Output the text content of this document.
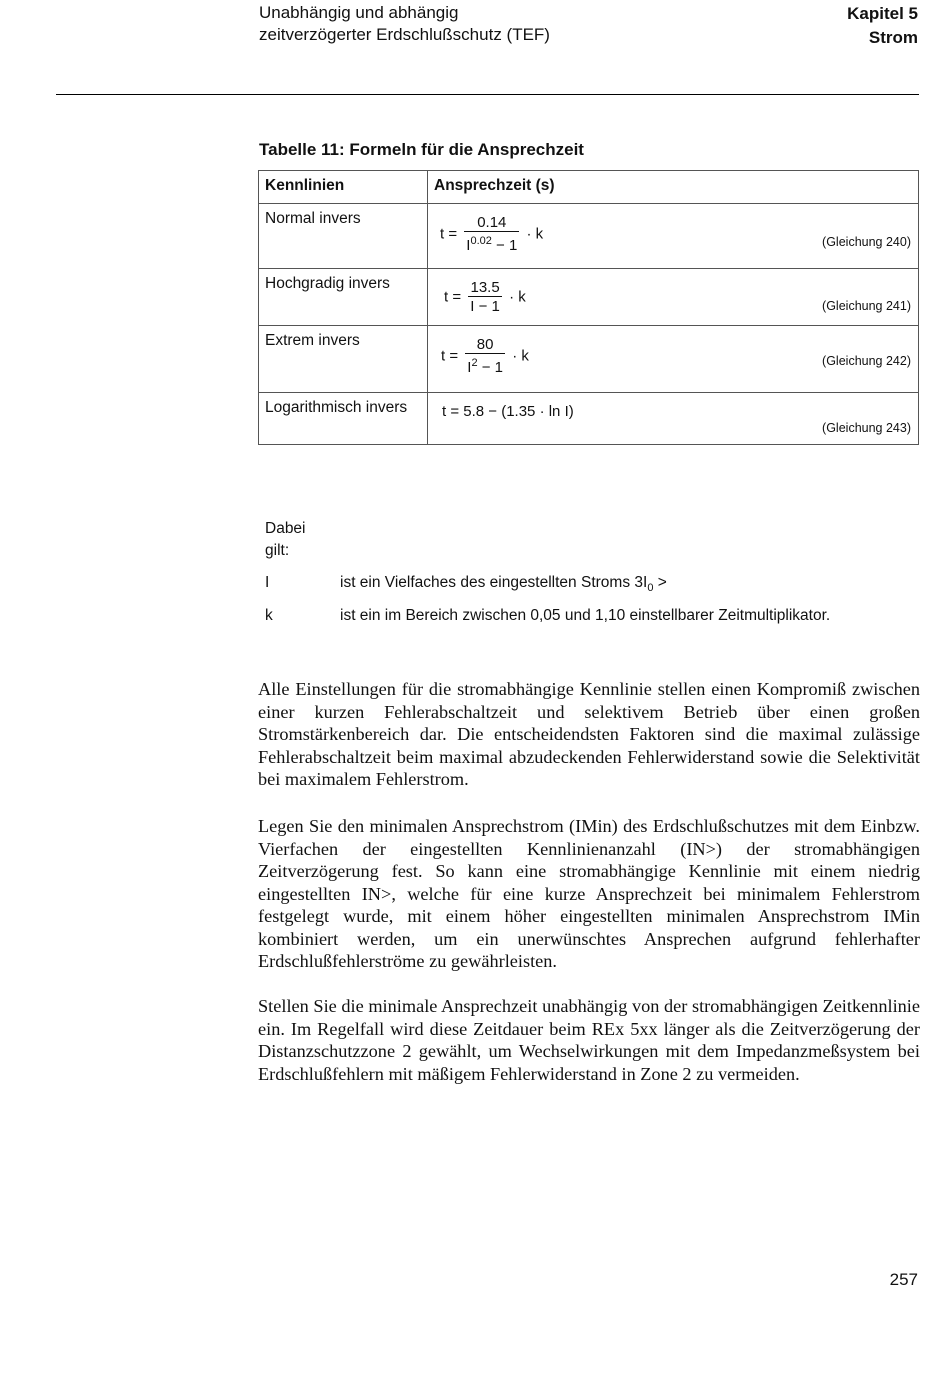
Unabhängig und abhängig
zeitverzögerter Erdschlußschutz (TEF)
Kapitel 5
Strom
Tabelle 11: Formeln für die Ansprechzeit
Kennlinien	Ansprechzeit (s)
Normal invers	$t = \frac{0.14}{I^{0.02} - 1} \cdot k$ (Gleichung 240)

Hochgradig invers	$t = \frac{13.5}{I - 1} \cdot k$
(Gleichung 241)

Extrem invers	$t = \frac{80}{I^2 - 1} \cdot k$ (Gleichung 242)

Logarithmisch invers	t = 5.8 − (1.35 · ln I)
(Gleichung 243)
Dabei
gilt:
I	ist ein Vielfaches des eingestellten Stroms $3I_0$ >
k	ist ein im Bereich zwischen 0,05 und 1,10 einstellbarer Zeitmultiplikator.

Alle Einstellungen für die stromabhängige Kennlinie stellen einen Kompromiß zwischen einer kurzen Fehlerabschaltzeit und selektivem Betrieb über einen großen Stromstärkenbereich dar. Die entscheidendsten Faktoren sind die maximal zulässige Fehlerabschaltzeit beim maximal abzudeckenden Fehlerwiderstand sowie die Selektivität bei maximalem Fehlerstrom.

Legen Sie den minimalen Ansprechstrom (IMin) des Erdschlußschutzes mit dem Einbzw. Vierfachen der eingestellten Kennlinienanzahl (IN>) der stromabhängigen Zeitverzögerung fest. So kann eine stromabhängige Kennlinie mit einem niedrig eingestellten IN>, welche für eine kurze Ansprechzeit bei minimalem Fehlerstrom festgelegt wurde, mit einem höher eingestellten minimalen Ansprechstrom IMin kombiniert werden, um ein unerwünschtes Ansprechen aufgrund fehlerhafter Erdschlußfehlerströme zu gewährleisten.

Stellen Sie die minimale Ansprechzeit unabhängig von der stromabhängigen Zeitkennlinie ein. Im Regelfall wird diese Zeitdauer beim REx 5xx länger als die Zeitverzögerung der Distanzschutzzone 2 gewählt, um Wechselwirkungen mit dem Impedanzmeßsystem bei Erdschlußfehlern mit mäßigem Fehlerwiderstand in Zone 2 zu vermeiden.

257
